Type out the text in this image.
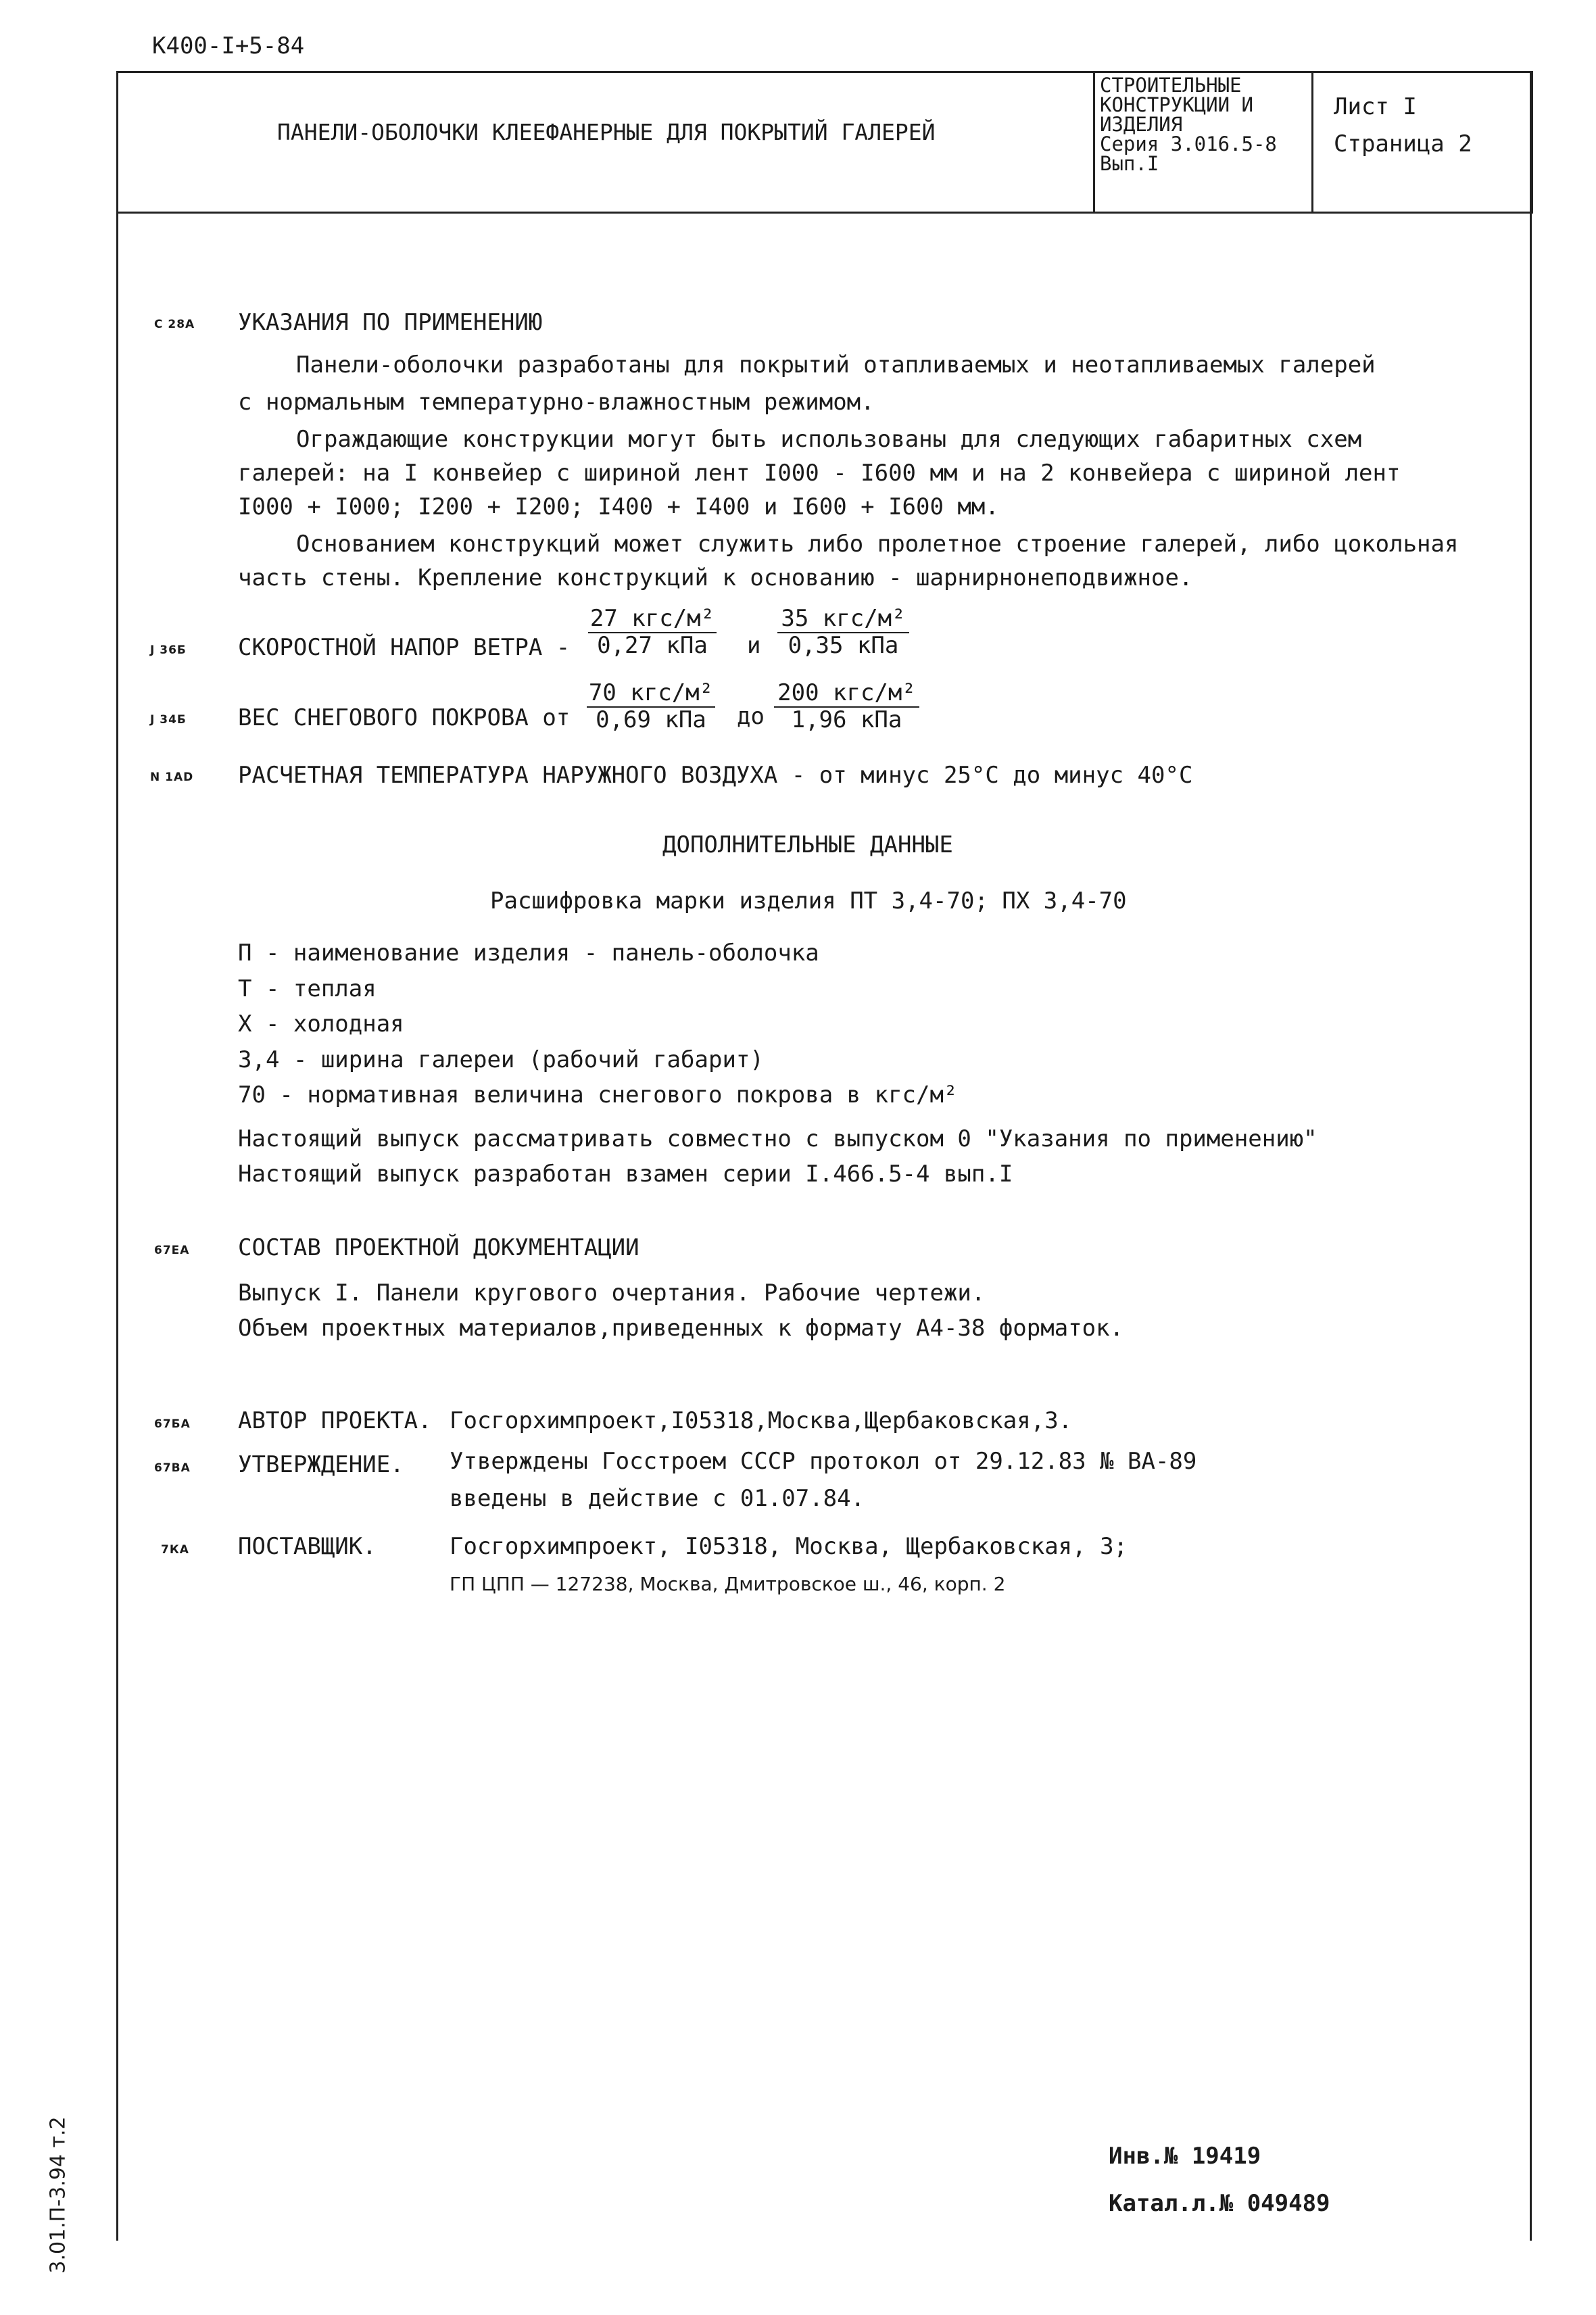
К400-I+5-84
ПАНЕЛИ-ОБОЛОЧКИ КЛЕЕФАНЕРНЫЕ ДЛЯ ПОКРЫТИЙ ГАЛЕРЕЙ
СТРОИТЕЛЬНЫЕ
КОНСТРУКЦИИ И
ИЗДЕЛИЯ
Серия 3.016.5-8
Вып.I
Лист I
Страница 2
С 28А УКАЗАНИЯ ПО ПРИМЕНЕНИЮ
Панели-оболочки разработаны для покрытий отапливаемых и неотапливаемых галерей
с нормальным температурно-влажностным режимом.
Ограждающие конструкции могут быть использованы для следующих габаритных схем
галерей: на I конвейер с шириной лент I000 - I600 мм и на 2 конвейера с шириной лент
I000 + I000; I200 + I200; I400 + I400 и I600 + I600 мм.
Основанием конструкций может служить либо пролетное строение галерей, либо цокольная
часть стены. Крепление конструкций к основанию - шарнирнонеподвижное.
J 36Б СКОРОСТНОЙ НАПОР ВЕТРА -
27 кгс/м²
0,27 кПа	и
35 кгс/м²
0,35 кПа
J 34Б ВЕС СНЕГОВОГО ПОКРОВА от
70 кгс/м²
0,69 кПа	до
200 кгс/м²
1,96 кПа
N 1АD РАСЧЕТНАЯ ТЕМПЕРАТУРА НАРУЖНОГО ВОЗДУХА - от минус 25°С до минус 40°С
ДОПОЛНИТЕЛЬНЫЕ ДАННЫЕ
Расшифровка марки изделия ПТ 3,4-70; ПХ 3,4-70
П - наименование изделия - панель-оболочка
Т - теплая
Х - холодная
3,4 - ширина галереи (рабочий габарит)
70 - нормативная величина снегового покрова в кгс/м²
Настоящий выпуск рассматривать совместно с выпуском 0 "Указания по применению"
Настоящий выпуск разработан взамен серии I.466.5-4 вып.I
67ЕА СОСТАВ ПРОЕКТНОЙ ДОКУМЕНТАЦИИ
Выпуск I. Панели кругового очертания. Рабочие чертежи.
Объем проектных материалов,приведенных к формату А4-38 форматок.
67БА АВТОР ПРОЕКТА. Госгорхимпроект,I05318,Москва,Щербаковская,3.
67ВА УТВЕРЖДЕНИЕ. Утверждены Госстроем СССР протокол от 29.12.83 № ВА-89
введены в действие с 01.07.84.
7КА ПОСТАВЩИК.	Госгорхимпроект, I05318, Москва, Щербаковская, 3;
ГП ЦПП — 127238, Москва, Дмитровское ш., 46, корп. 2
Инв.№ 19419
Катал.л.№ 049489
3.01.П-3.94 т.2
